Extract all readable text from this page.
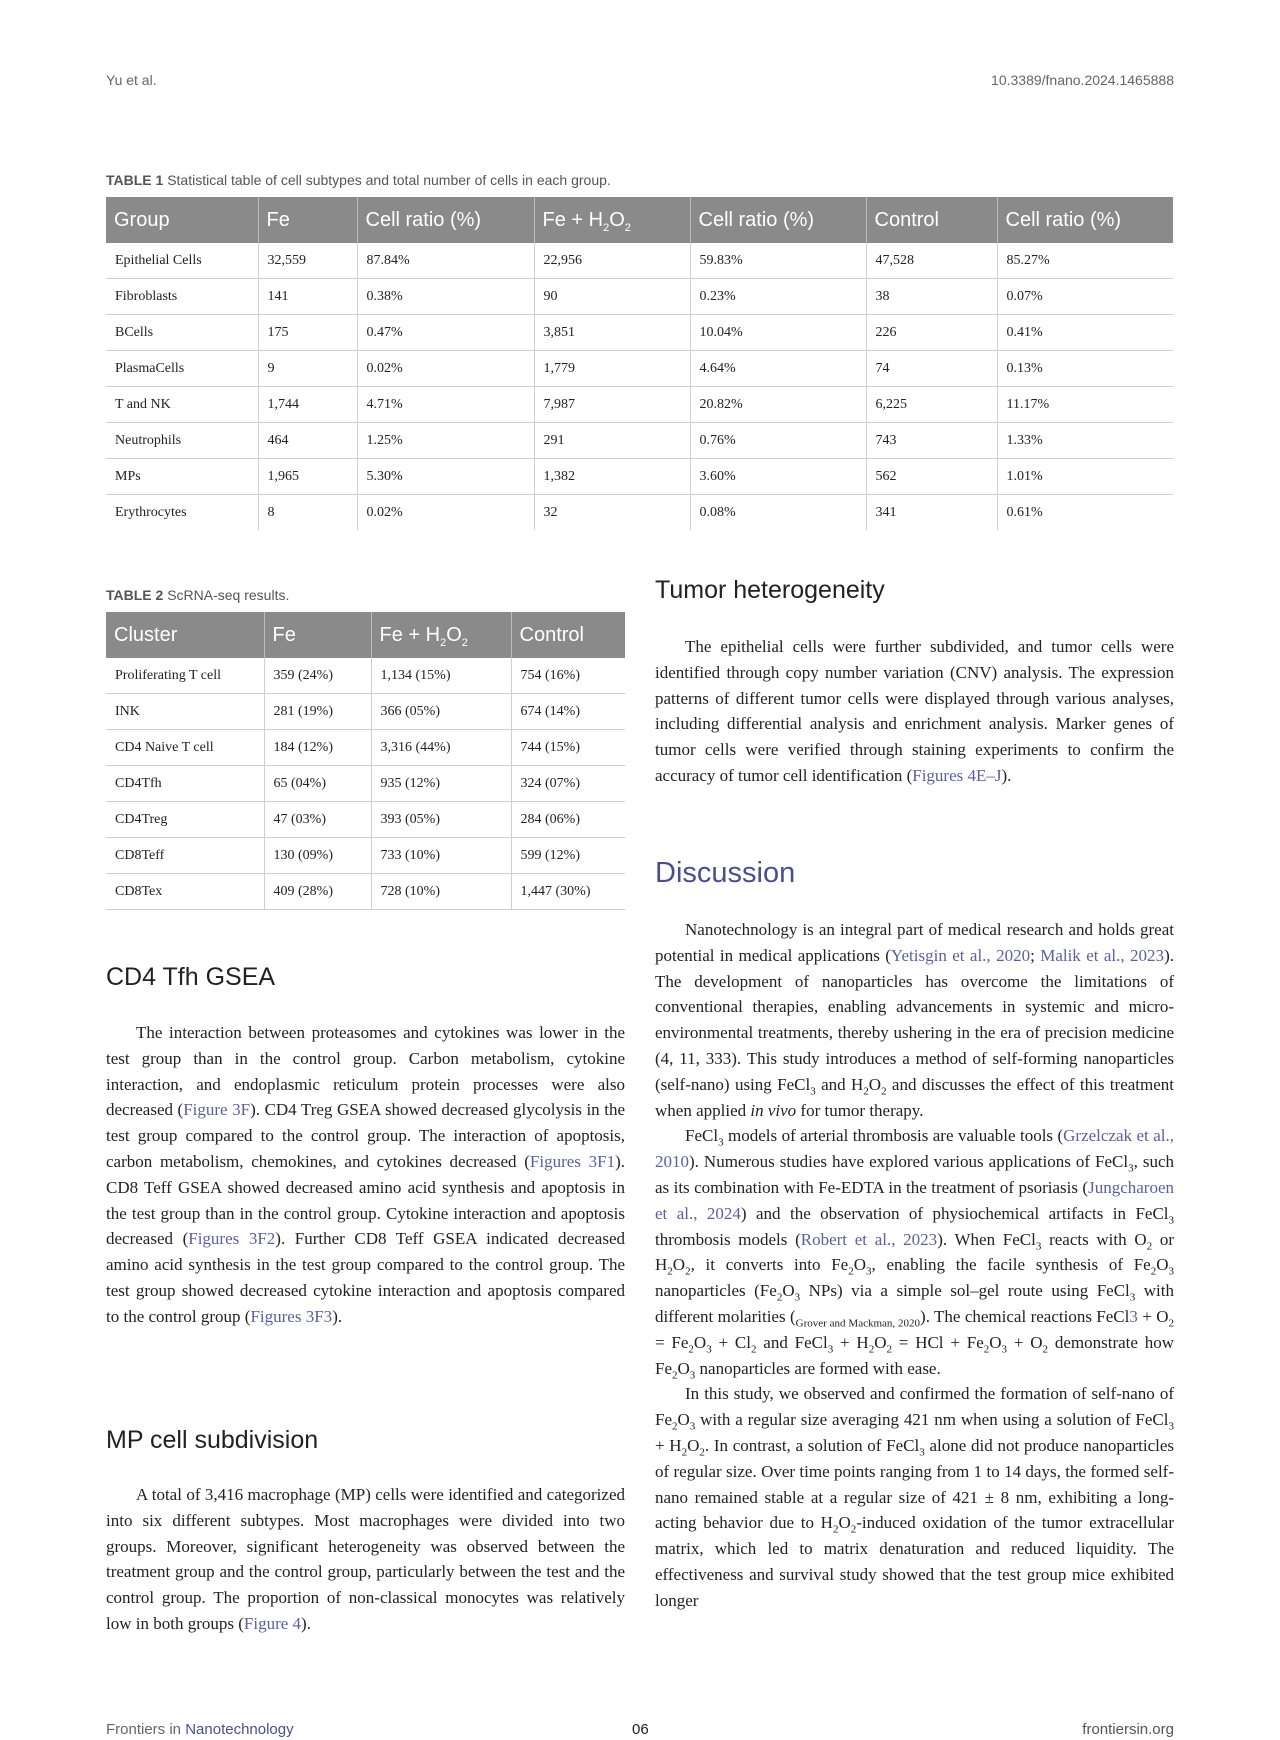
Yu et al.	10.3389/fnano.2024.1465888
TABLE 1 Statistical table of cell subtypes and total number of cells in each group.
Group	Fe	Cell ratio (%)	$Fe + H_2O_2$	Cell ratio (%)	Control	Cell ratio (%)
Epithelial Cells	32,559	87.84%	22,956	59.83%	47,528	85.27%
Fibroblasts	141	0.38%	90	0.23%	38	0.07%
BCells	175	0.47%	3,851	10.04%	226	0.41%
PlasmaCells	9	0.02%	1,779	4.64%	74	0.13%
T and NK	1,744	4.71%	7,987	20.82%	6,225	11.17%
Neutrophils	464	1.25%	291	0.76%	743	1.33%
MPs	1,965	5.30%	1,382	3.60%	562	1.01%
Erythrocytes	8	0.02%	32	0.08%	341	0.61%
TABLE 2 ScRNA-seq results.
Cluster	Fe	$Fe + H_2O_2$	Control
Proliferating T cell	359 (24%)	1,134 (15%)	754 (16%)
INK	281 (19%)	366 (05%)	674 (14%)
CD4 Naive T cell	184 (12%)	3,316 (44%)	744 (15%)
CD4Tfh	65 (04%)	935 (12%)	324 (07%)
CD4Treg	47 (03%)	393 (05%)	284 (06%)
CD8Teff	130 (09%)	733 (10%)	599 (12%)
CD8Tex	409 (28%)	728 (10%)	1,447 (30%)
CD4 Tfh GSEA

The interaction between proteasomes and cytokines was lower in the test group than in the control group. Carbon metabolism, cytokine interaction, and endoplasmic reticulum protein processes were also decreased (Figure 3F). CD4 Treg GSEA showed decreased glycolysis in the test group compared to the control group. The interaction of apoptosis, carbon metabolism, chemokines, and cytokines decreased (Figures 3F1). CD8 Teff GSEA showed decreased amino acid synthesis and apoptosis in the test group than in the control group. Cytokine interaction and apoptosis decreased (Figures 3F2). Further CD8 Teff GSEA indicated decreased amino acid synthesis in the test group compared to the control group. The test group showed decreased cytokine interaction and apoptosis compared to the control group (Figures 3F3).

MP cell subdivision

A total of 3,416 macrophage (MP) cells were identified and categorized into six different subtypes. Most macrophages were divided into two groups. Moreover, significant heterogeneity was observed between the treatment group and the control group, particularly between the test and the control group. The proportion of non-classical monocytes was relatively low in both groups (Figure 4).

Tumor heterogeneity

The epithelial cells were further subdivided, and tumor cells were identified through copy number variation (CNV) analysis. The expression patterns of different tumor cells were displayed through various analyses, including differential analysis and enrichment analysis. Marker genes of tumor cells were verified through staining experiments to confirm the accuracy of tumor cell identification (Figures 4E–J).

Discussion

Nanotechnology is an integral part of medical research and holds great potential in medical applications (Yetisgin et al., 2020; Malik et al., 2023). The development of nanoparticles has overcome the limitations of conventional therapies, enabling advancements in systemic and micro-environmental treatments, thereby ushering in the era of precision medicine (4, 11, 333). This study introduces a method of self-forming nanoparticles (self-nano) using FeCl$_3$ and $H_2O_2$ and discusses the effect of this treatment when applied in vivo for tumor therapy.

FeCl$_3$ models of arterial thrombosis are valuable tools (Grzelczak et al., 2010). Numerous studies have explored various applications of FeCl$_3$, such as its combination with Fe-EDTA in the treatment of psoriasis (Jungcharoen et al., 2024) and the observation of physiochemical artifacts in FeCl$_3$ thrombosis models (Robert et al., 2023). When FeCl$_3$ reacts with $O_2$ or $H_2O_2$, it converts into $Fe_2O_3$, enabling the facile synthesis of $Fe_2O_3$ nanoparticles ($Fe_2O_3$ NPs) via a simple sol–gel route using FeCl$_3$ with different molarities $(_{Grover and Mackman, 2020})$. The chemical reactions FeCl3 + $O_2 = Fe_2O_3 + Cl_2$ and FeCl$_3$ + $H_2O_2$ = HCl + $Fe_2O_3 + O_2$ demonstrate how $Fe_2O_3$ nanoparticles are formed with ease.

In this study, we observed and confirmed the formation of self-nano of $Fe_2O_3$ with a regular size averaging 421 nm when using a solution of FeCl$_3$ + $H_2O_2$. In contrast, a solution of FeCl$_3$ alone did not produce nanoparticles of regular size. Over time points ranging from 1 to 14 days, the formed self-nano remained stable at a regular size of 421 ± 8 nm, exhibiting a long-acting behavior due to $H_2O_2$-induced oxidation of the tumor extracellular matrix, which led to matrix denaturation and reduced liquidity. The effectiveness and survival study showed that the test group mice exhibited longer

Frontiers in Nanotechnology	06	frontiersin.org
